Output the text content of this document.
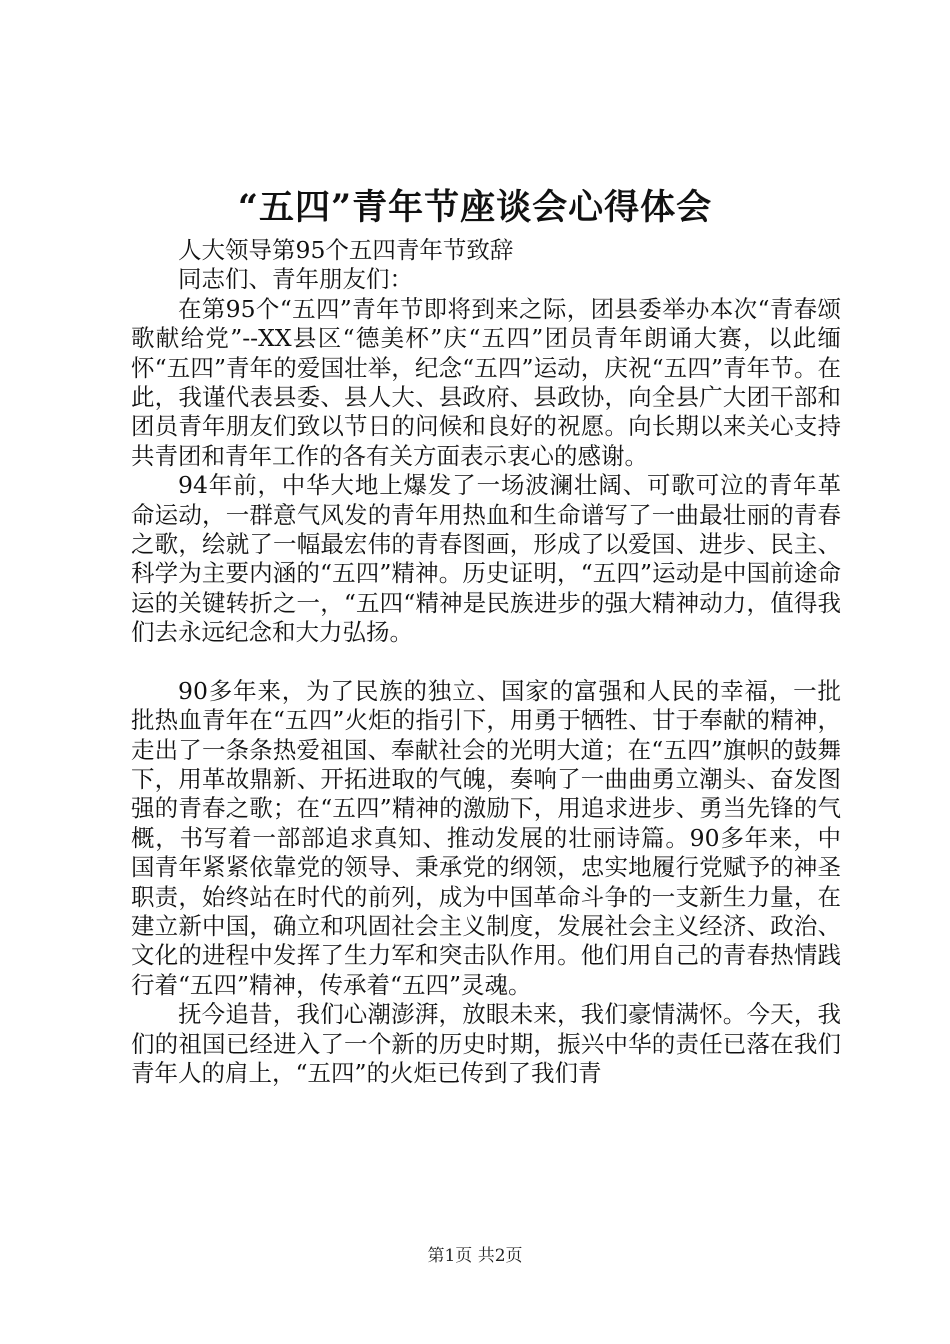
“五四”青年节座谈会心得体会

人大领导第95个五四青年节致辞

同志们、青年朋友们：

在第95个“五四”青年节即将到来之际，团县委举办本次“青春颂歌献给党”--XX县区“德美杯”庆“五四”团员青年朗诵大赛，以此缅怀“五四”青年的爱国壮举，纪念“五四”运动，庆祝“五四”青年节。在此，我谨代表县委、县人大、县政府、县政协，向全县广大团干部和团员青年朋友们致以节日的问候和良好的祝愿。向长期以来关心支持共青团和青年工作的各有关方面表示衷心的感谢。

94年前，中华大地上爆发了一场波澜壮阔、可歌可泣的青年革命运动，一群意气风发的青年用热血和生命谱写了一曲最壮丽的青春之歌，绘就了一幅最宏伟的青春图画，形成了以爱国、进步、民主、科学为主要内涵的“五四”精神。历史证明，“五四”运动是中国前途命运的关键转折之一，“五四“精神是民族进步的强大精神动力，值得我们去永远纪念和大力弘扬。

90多年来，为了民族的独立、国家的富强和人民的幸福，一批批热血青年在“五四”火炬的指引下，用勇于牺牲、甘于奉献的精神，走出了一条条热爱祖国、奉献社会的光明大道；在“五四”旗帜的鼓舞下，用革故鼎新、开拓进取的气魄，奏响了一曲曲勇立潮头、奋发图强的青春之歌；在“五四”精神的激励下，用追求进步、勇当先锋的气概，书写着一部部追求真知、推动发展的壮丽诗篇。90多年来，中国青年紧紧依靠党的领导、秉承党的纲领，忠实地履行党赋予的神圣职责，始终站在时代的前列，成为中国革命斗争的一支新生力量，在建立新中国，确立和巩固社会主义制度，发展社会主义经济、政治、文化的进程中发挥了生力军和突击队作用。他们用自己的青春热情践行着“五四”精神，传承着“五四”灵魂。

抚今追昔，我们心潮澎湃，放眼未来，我们豪情满怀。今天，我们的祖国已经进入了一个新的历史时期，振兴中华的责任已落在我们青年人的肩上，“五四”的火炬已传到了我们青

第1页 共2页
